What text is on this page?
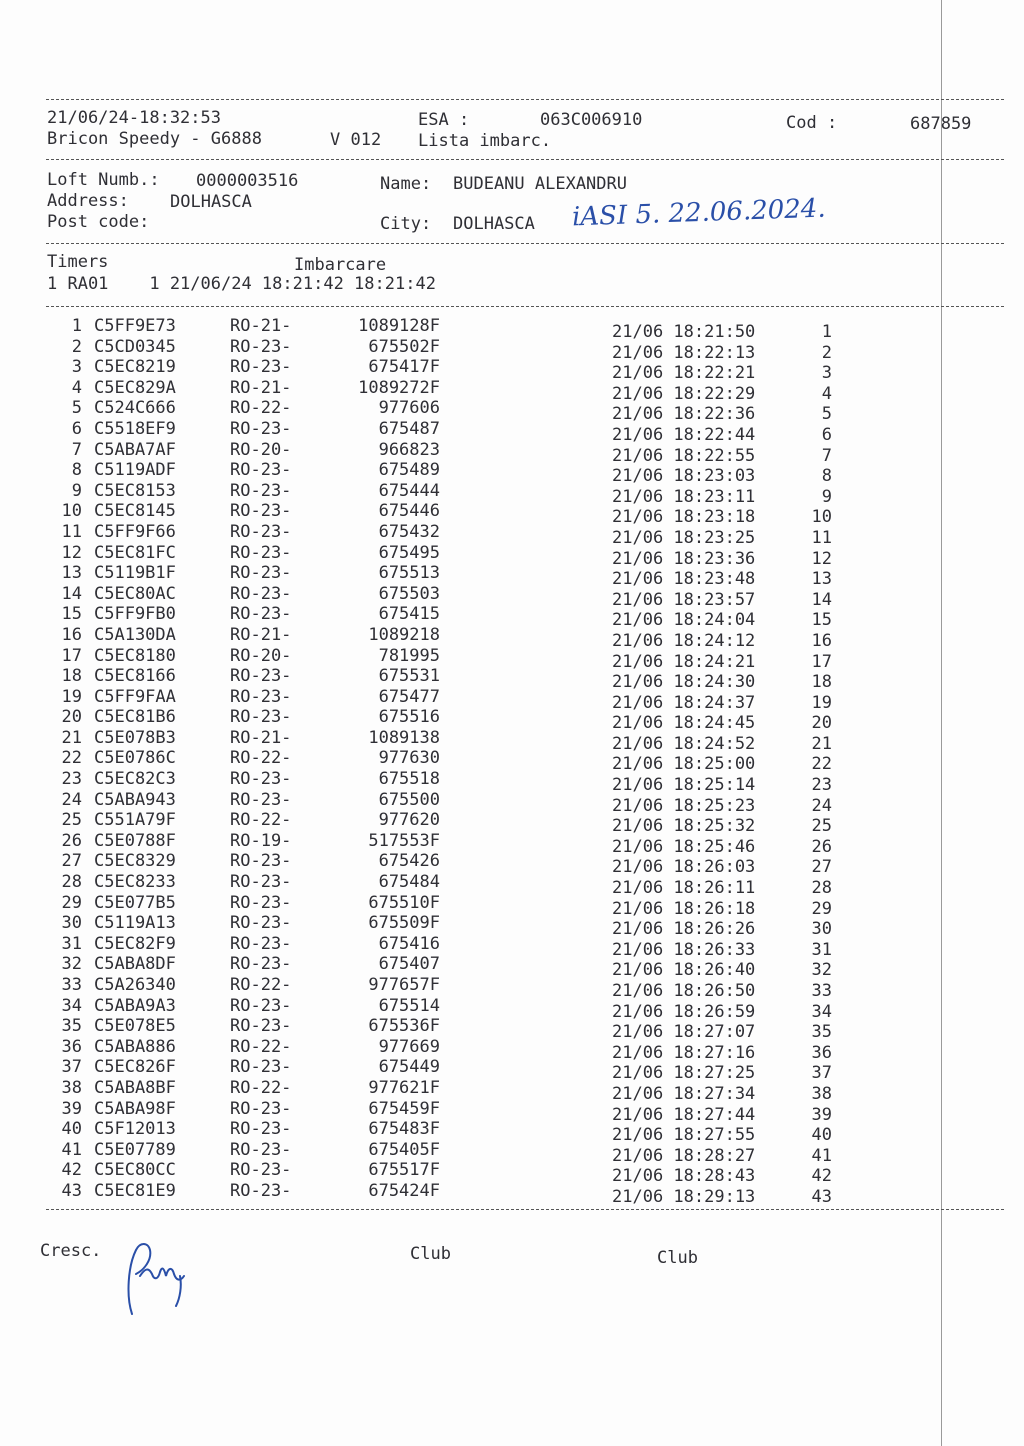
21/06/24-18:32:53	ESA :	063C006910	Cod :	687859
Bricon Speedy - G6888	V 012 Lista imbarc.
Loft Numb.: 0000003516	Name: BUDEANU ALEXANDRU
Address: DOLHASCA
Post code:	City: DOLHASCA iASI 5. 22.06.2024.
Timers	Imbarcare
1 RA01    1 21/06/24 18:21:42 18:21:42
1 C5FF9E73	RO-21-	1089128F	21/06 18:21:50	1
2 C5CD0345	RO-23-	675502F	21/06 18:22:13	2
3 C5EC8219	RO-23-	675417F	21/06 18:22:21	3
4 C5EC829A	RO-21-	1089272F	21/06 18:22:29	4
5 C524C666	RO-22-	977606	21/06 18:22:36	5
6 C5518EF9	RO-23-	675487	21/06 18:22:44	6
7 C5ABA7AF	RO-20-	966823	21/06 18:22:55	7
8 C5119ADF	RO-23-	675489	21/06 18:23:03	8
9 C5EC8153	RO-23-	675444	21/06 18:23:11	9
10 C5EC8145	RO-23-	675446	21/06 18:23:18	10
11 C5FF9F66	RO-23-	675432	21/06 18:23:25	11
12 C5EC81FC	RO-23-	675495	21/06 18:23:36	12
13 C5119B1F	RO-23-	675513	21/06 18:23:48	13
14 C5EC80AC	RO-23-	675503	21/06 18:23:57	14
15 C5FF9FB0	RO-23-	675415	21/06 18:24:04	15
16 C5A130DA	RO-21-	1089218	21/06 18:24:12	16
17 C5EC8180	RO-20-	781995	21/06 18:24:21	17
18 C5EC8166	RO-23-	675531	21/06 18:24:30	18
19 C5FF9FAA	RO-23-	675477	21/06 18:24:37	19
20 C5EC81B6	RO-23-	675516	21/06 18:24:45	20
21 C5E078B3	RO-21-	1089138	21/06 18:24:52	21
22 C5E0786C	RO-22-	977630	21/06 18:25:00	22
23 C5EC82C3	RO-23-	675518	21/06 18:25:14	23
24 C5ABA943	RO-23-	675500	21/06 18:25:23	24
25 C551A79F	RO-22-	977620	21/06 18:25:32	25
26 C5E0788F	RO-19-	517553F	21/06 18:25:46	26
27 C5EC8329	RO-23-	675426	21/06 18:26:03	27
28 C5EC8233	RO-23-	675484	21/06 18:26:11	28
29 C5E077B5	RO-23-	675510F	21/06 18:26:18	29
30 C5119A13	RO-23-	675509F	21/06 18:26:26	30
31 C5EC82F9	RO-23-	675416	21/06 18:26:33	31
32 C5ABA8DF	RO-23-	675407	21/06 18:26:40	32
33 C5A26340	RO-22-	977657F	21/06 18:26:50	33
34 C5ABA9A3	RO-23-	675514	21/06 18:26:59	34
35 C5E078E5	RO-23-	675536F	21/06 18:27:07	35
36 C5ABA886	RO-22-	977669	21/06 18:27:16	36
37 C5EC826F	RO-23-	675449	21/06 18:27:25	37
38 C5ABA8BF	RO-22-	977621F	21/06 18:27:34	38
39 C5ABA98F	RO-23-	675459F	21/06 18:27:44	39
40 C5F12013	RO-23-	675483F	21/06 18:27:55	40
41 C5E07789	RO-23-	675405F	21/06 18:28:27	41
42 C5EC80CC	RO-23-	675517F	21/06 18:28:43	42
43 C5EC81E9	RO-23-	675424F	21/06 18:29:13	43
Cresc.	Club	Club
